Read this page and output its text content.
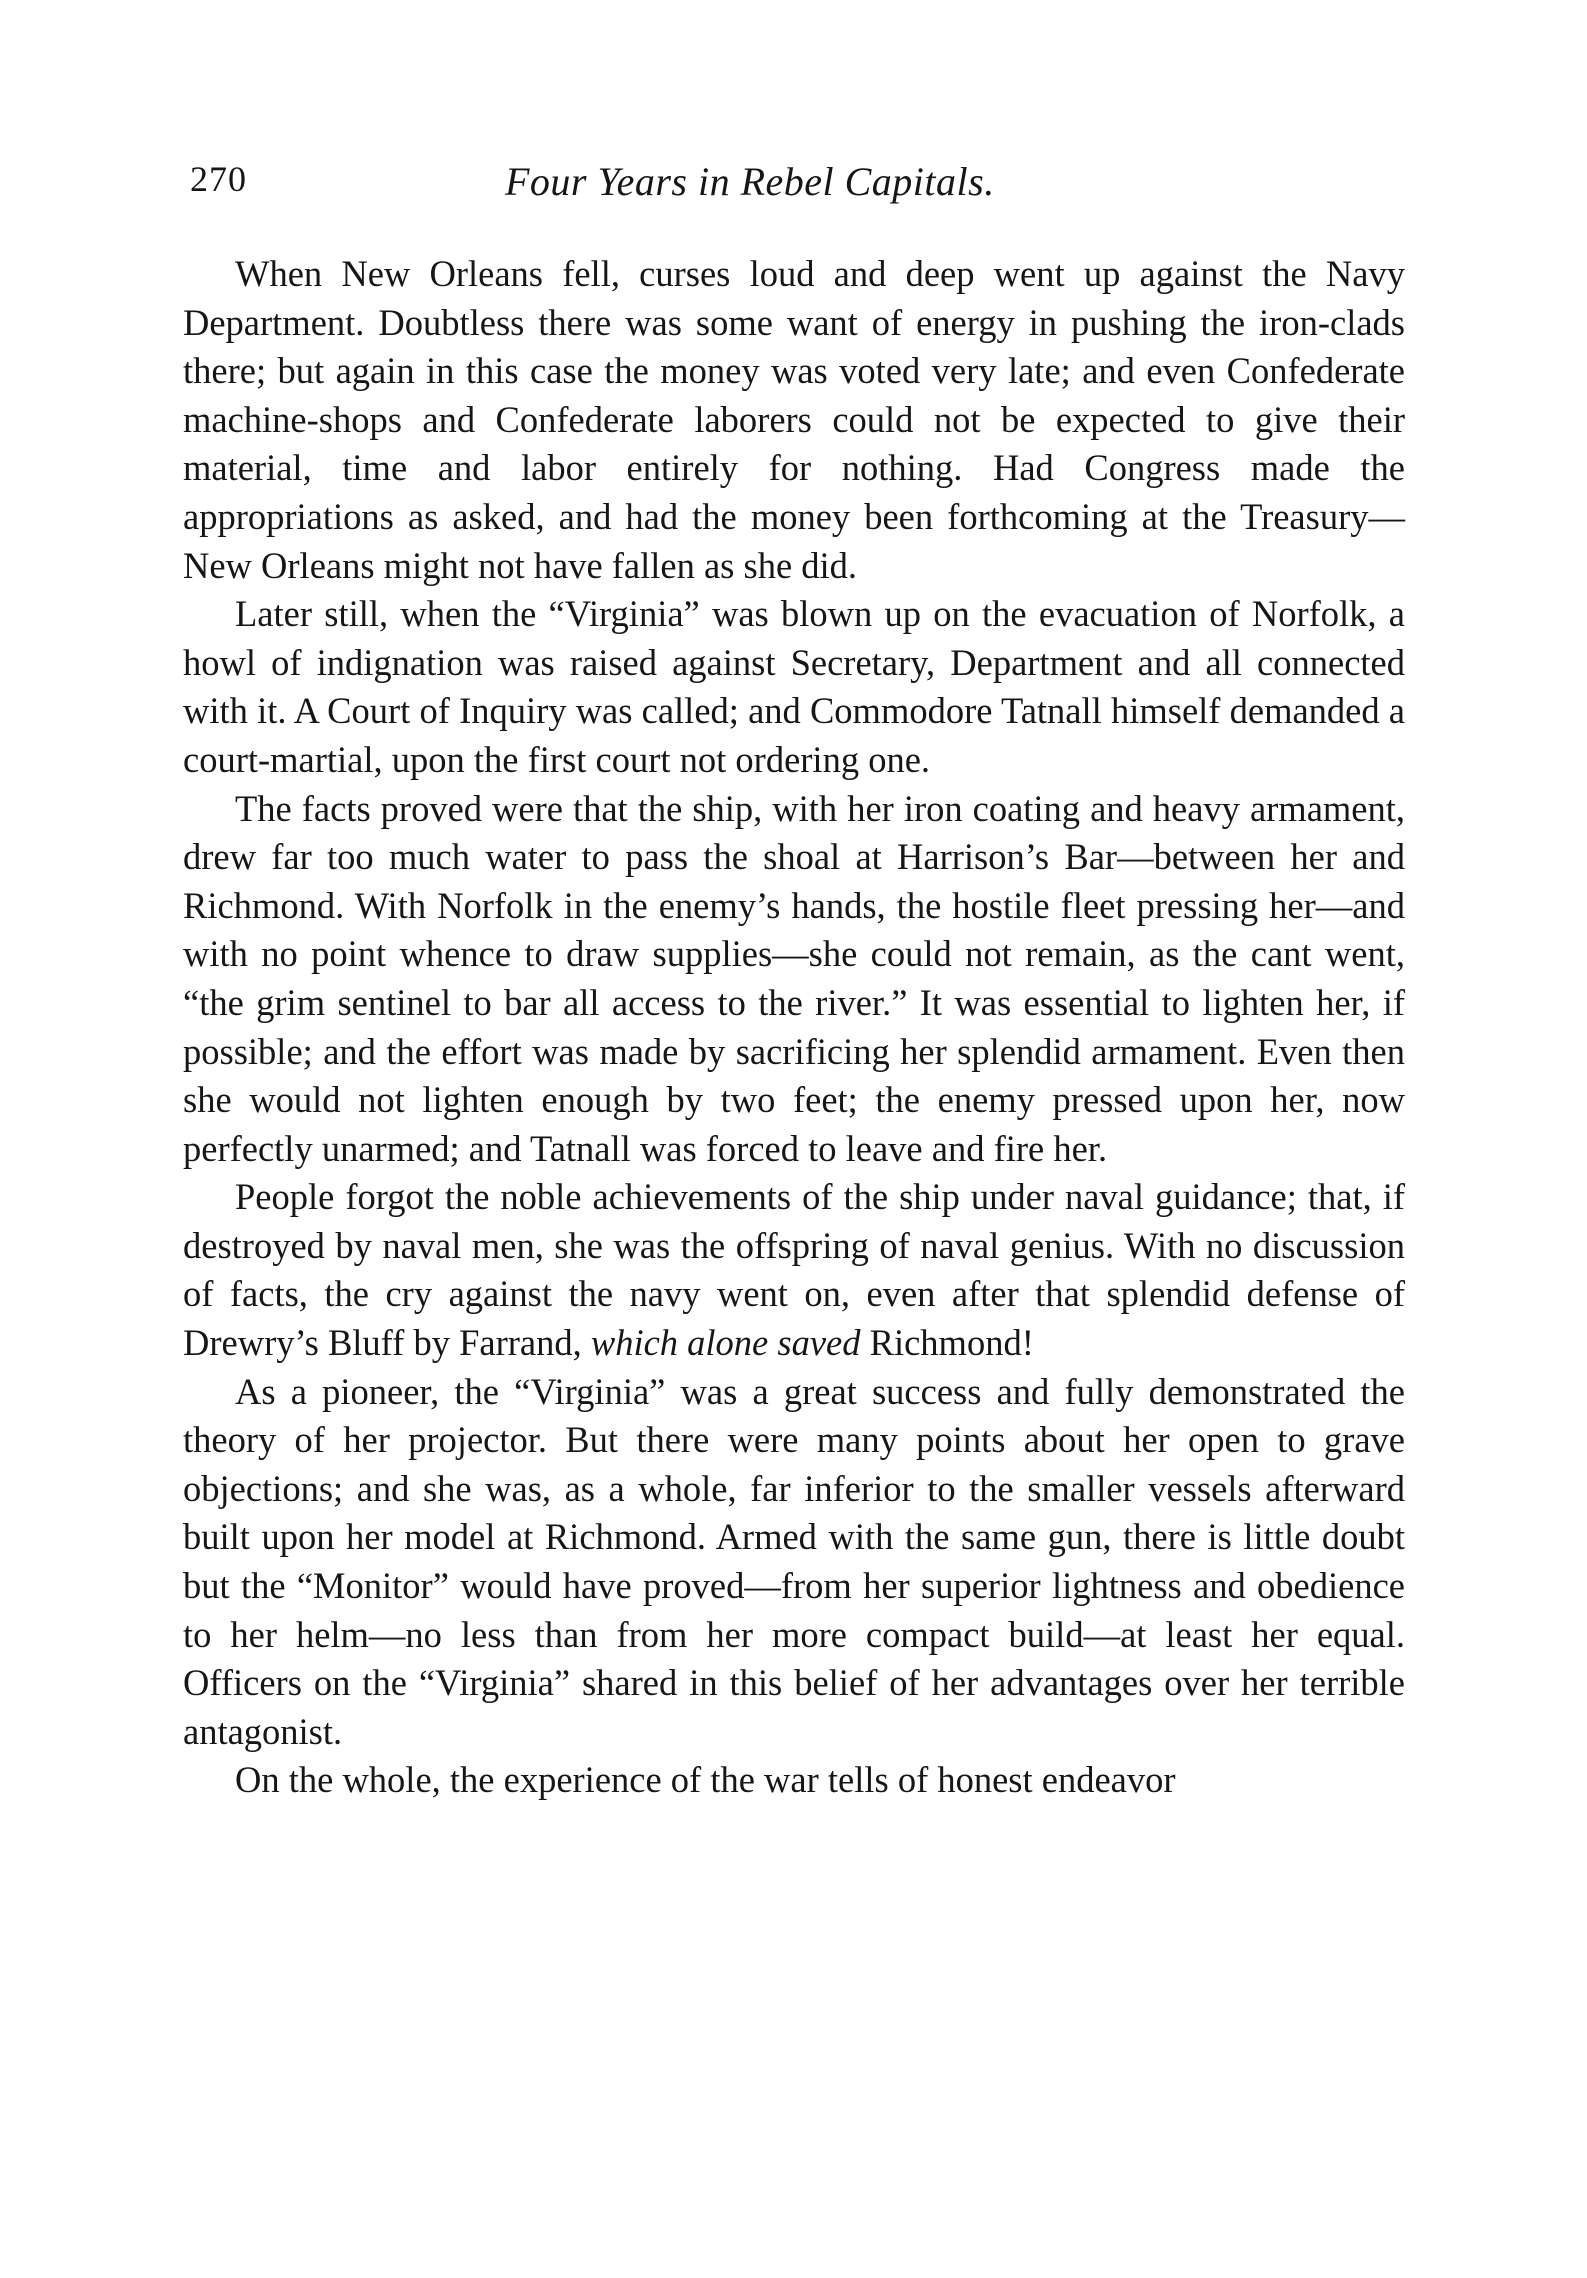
270	Four Years in Rebel Capitals.

When New Orleans fell, curses loud and deep went up against the Navy Department. Doubtless there was some want of energy in pushing the iron-clads there; but again in this case the money was voted very late; and even Confederate machine-shops and Confederate laborers could not be expected to give their material, time and labor entirely for nothing. Had Congress made the appropriations as asked, and had the money been forthcoming at the Treasury—New Orleans might not have fallen as she did.

Later still, when the “Virginia” was blown up on the evacuation of Norfolk, a howl of indignation was raised against Secretary, Department and all connected with it. A Court of Inquiry was called; and Commodore Tatnall himself demanded a court-martial, upon the first court not ordering one.

The facts proved were that the ship, with her iron coating and heavy armament, drew far too much water to pass the shoal at Harrison’s Bar—between her and Richmond. With Norfolk in the enemy’s hands, the hostile fleet pressing her—and with no point whence to draw supplies—she could not remain, as the cant went, “the grim sentinel to bar all access to the river.” It was essential to lighten her, if possible; and the effort was made by sacrificing her splendid armament. Even then she would not lighten enough by two feet; the enemy pressed upon her, now perfectly unarmed; and Tatnall was forced to leave and fire her.

People forgot the noble achievements of the ship under naval guidance; that, if destroyed by naval men, she was the offspring of naval genius. With no discussion of facts, the cry against the navy went on, even after that splendid defense of Drewry’s Bluff by Farrand, which alone saved Richmond!

As a pioneer, the “Virginia” was a great success and fully demonstrated the theory of her projector. But there were many points about her open to grave objections; and she was, as a whole, far inferior to the smaller vessels afterward built upon her model at Richmond. Armed with the same gun, there is little doubt but the “Monitor” would have proved—from her superior lightness and obedience to her helm—no less than from her more compact build—at least her equal. Officers on the “Virginia” shared in this belief of her advantages over her terrible antagonist.

On the whole, the experience of the war tells of honest endeavor
